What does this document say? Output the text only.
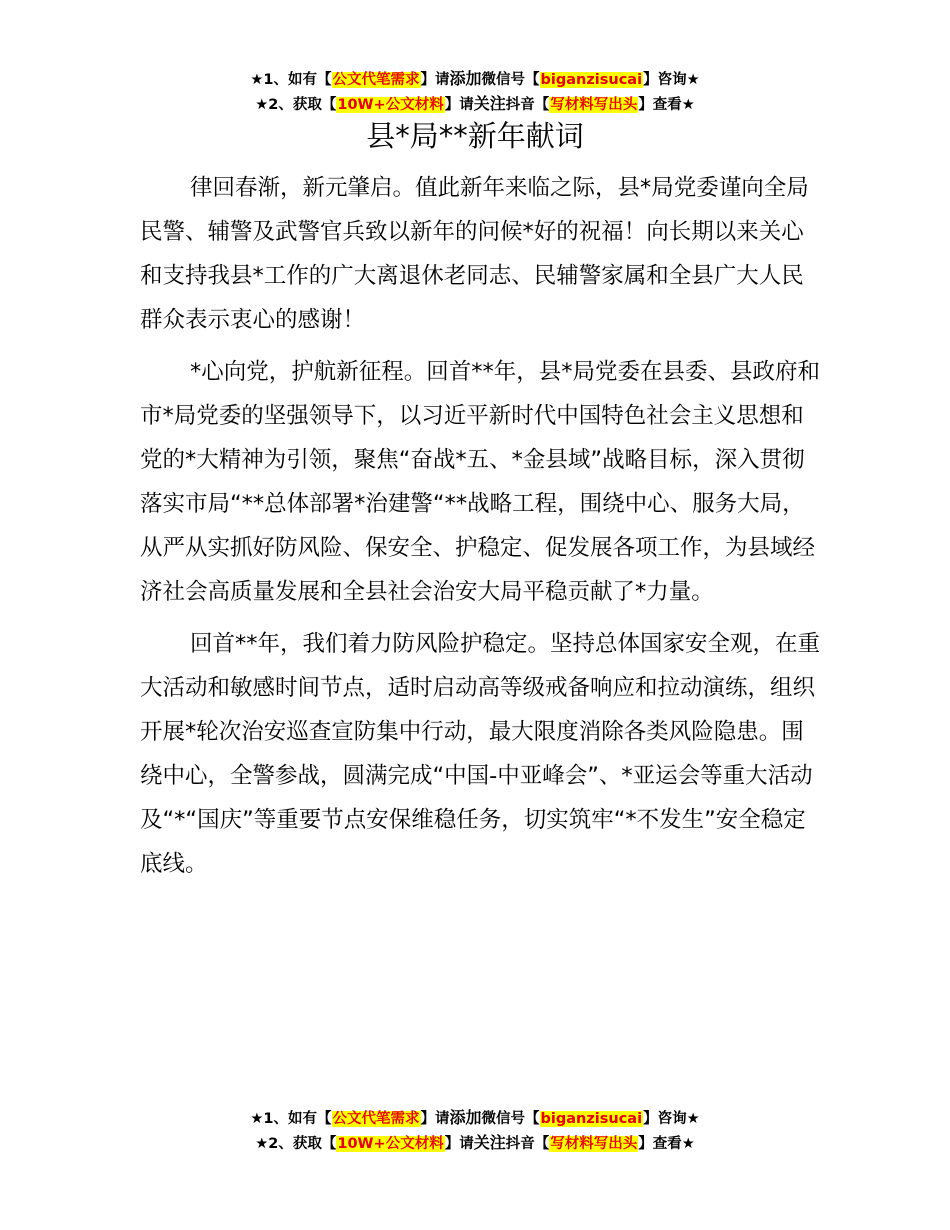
★1、如有【公文代笔需求】请添加微信号【biganzisucai】咨询★
★2、获取【10W+公文材料】请关注抖音【写材料写出头】查看★
县*局**新年献词

律回春渐，新元肇启。值此新年来临之际，县*局党委谨向全局民警、辅警及武警官兵致以新年的问候*好的祝福！向长期以来关心和支持我县*工作的广大离退休老同志、民辅警家属和全县广大人民群众表示衷心的感谢！

*心向党，护航新征程。回首**年，县*局党委在县委、县政府和市*局党委的坚强领导下，以习近平新时代中国特色社会主义思想和党的*大精神为引领，聚焦“奋战*五、*金县域”战略目标，深入贯彻落实市局“**总体部署*治建警“**战略工程，围绕中心、服务大局，从严从实抓好防风险、保安全、护稳定、促发展各项工作，为县域经济社会高质量发展和全县社会治安大局平稳贡献了*力量。

回首**年，我们着力防风险护稳定。坚持总体国家安全观，在重大活动和敏感时间节点，适时启动高等级戒备响应和拉动演练，组织开展*轮次治安巡查宣防集中行动，最大限度消除各类风险隐患。围绕中心，全警参战，圆满完成“中国-中亚峰会”、*亚运会等重大活动及“*“国庆”等重要节点安保维稳任务，切实筑牢“*不发生”安全稳定底线。

★1、如有【公文代笔需求】请添加微信号【biganzisucai】咨询★
★2、获取【10W+公文材料】请关注抖音【写材料写出头】查看★
